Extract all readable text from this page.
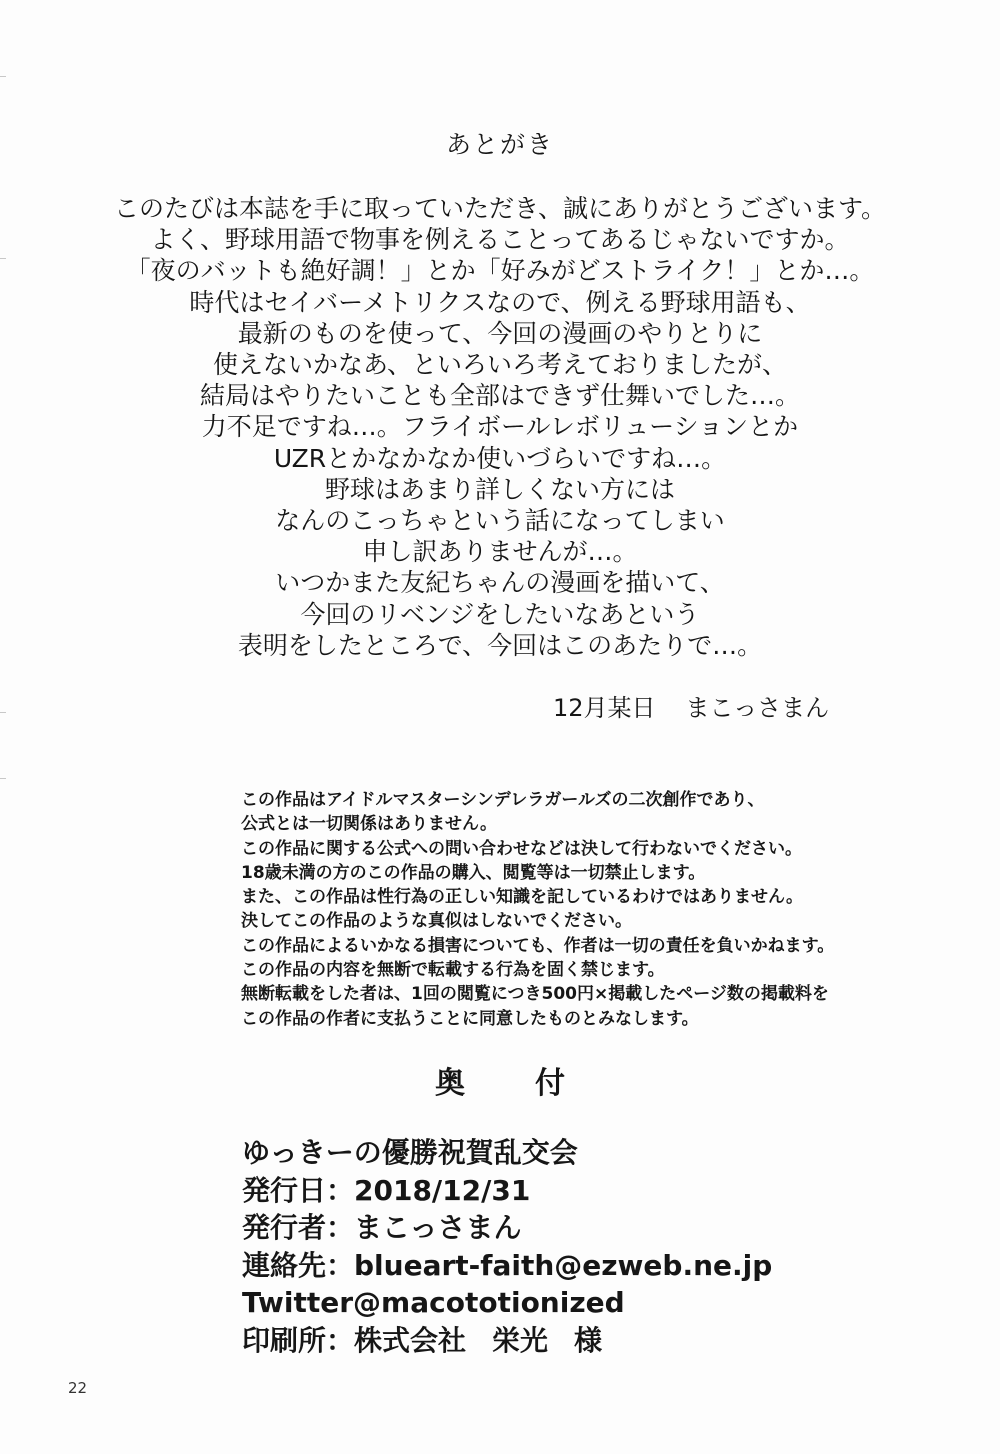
あとがき
このたびは本誌を手に取っていただき、誠にありがとうございます。
よく、野球用語で物事を例えることってあるじゃないですか。
「夜のバットも絶好調！」とか「好みがどストライク！」とか…。
時代はセイバーメトリクスなので、例える野球用語も、
最新のものを使って、今回の漫画のやりとりに
使えないかなあ、といろいろ考えておりましたが、
結局はやりたいことも全部はできず仕舞いでした…。
力不足ですね…。フライボールレボリューションとか
UZRとかなかなか使いづらいですね…。
野球はあまり詳しくない方には
なんのこっちゃという話になってしまい
申し訳ありませんが…。
いつかまた友紀ちゃんの漫画を描いて、
今回のリベンジをしたいなあという
表明をしたところで、今回はこのあたりで…。
12月某日 まこっさまん
この作品はアイドルマスターシンデレラガールズの二次創作であり、
公式とは一切関係はありません。
この作品に関する公式への問い合わせなどは決して行わないでください。
18歳未満の方のこの作品の購入、閲覧等は一切禁止します。
また、この作品は性行為の正しい知識を記しているわけではありません。
決してこの作品のような真似はしないでください。
この作品によるいかなる損害についても、作者は一切の責任を負いかねます。
この作品の内容を無断で転載する行為を固く禁じます。
無断転載をした者は、1回の閲覧につき500円×掲載したページ数の掲載料を
この作品の作者に支払うことに同意したものとみなします。
奥 付
ゆっきーの優勝祝賀乱交会
発行日：2018/12/31
発行者：まこっさまん
連絡先：blueart-faith@ezweb.ne.jp
Twitter@macototionized
印刷所：株式会社 栄光 様
22
